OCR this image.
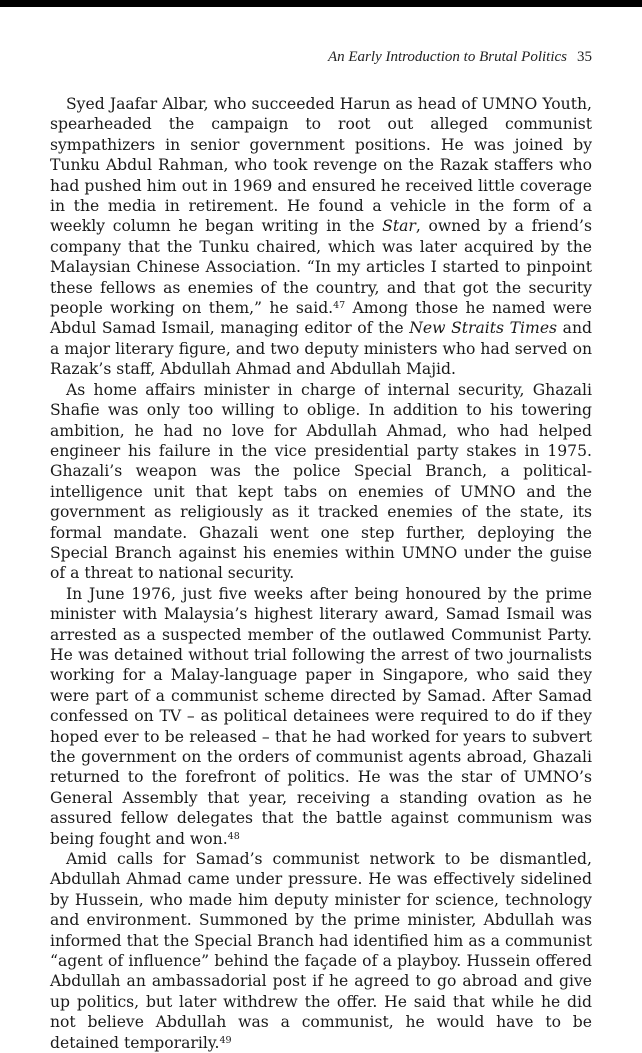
An Early Introduction to Brutal Politics 35

Syed Jaafar Albar, who succeeded Harun as head of UMNO Youth, spearheaded the campaign to root out alleged communist sympathizers in senior government positions. He was joined by Tunku Abdul Rahman, who took revenge on the Razak staffers who had pushed him out in 1969 and ensured he received little coverage in the media in retirement. He found a vehicle in the form of a weekly column he began writing in the Star, owned by a friend’s company that the Tunku chaired, which was later acquired by the Malaysian Chinese Association. “In my articles I started to pinpoint these fellows as enemies of the country, and that got the security people working on them,” he said.$^{47}$ Among those he named were Abdul Samad Ismail, managing editor of the New Straits Times and a major literary figure, and two deputy ministers who had served on Razak’s staff, Abdullah Ahmad and Abdullah Majid.

As home affairs minister in charge of internal security, Ghazali Shafie was only too willing to oblige. In addition to his towering ambition, he had no love for Abdullah Ahmad, who had helped engineer his failure in the vice presidential party stakes in 1975. Ghazali’s weapon was the police Special Branch, a political-intelligence unit that kept tabs on enemies of UMNO and the government as religiously as it tracked enemies of the state, its formal mandate. Ghazali went one step further, deploying the Special Branch against his enemies within UMNO under the guise of a threat to national security.

In June 1976, just five weeks after being honoured by the prime minister with Malaysia’s highest literary award, Samad Ismail was arrested as a suspected member of the outlawed Communist Party. He was detained without trial following the arrest of two journalists working for a Malay-language paper in Singapore, who said they were part of a communist scheme directed by Samad. After Samad confessed on TV – as political detainees were required to do if they hoped ever to be released – that he had worked for years to subvert the government on the orders of communist agents abroad, Ghazali returned to the forefront of politics. He was the star of UMNO’s General Assembly that year, receiving a standing ovation as he assured fellow delegates that the battle against communism was being fought and won.$^{48}$

Amid calls for Samad’s communist network to be dismantled, Abdullah Ahmad came under pressure. He was effectively sidelined by Hussein, who made him deputy minister for science, technology and environment. Summoned by the prime minister, Abdullah was informed that the Special Branch had identified him as a communist “agent of influence” behind the façade of a playboy. Hussein offered Abdullah an ambassadorial post if he agreed to go abroad and give up politics, but later withdrew the offer. He said that while he did not believe Abdullah was a communist, he would have to be detained temporarily.$^{49}$
